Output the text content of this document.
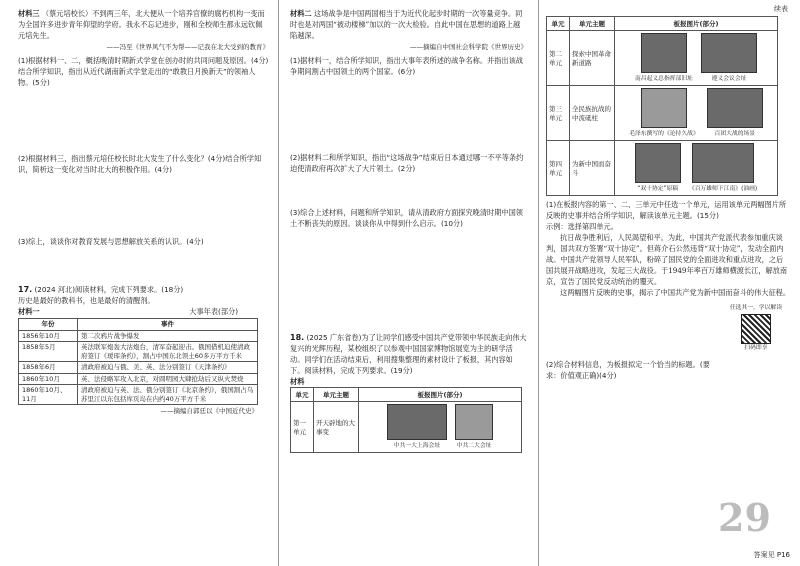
材料三 （蔡元培校长）不到两三年，北大便从一个培养官僚的腐朽机构一变而为全国许多进步青年仰望的学府。我永不忘记进步，刚和全校师生都永远钦佩元培先生。

——冯至《世界风气不为帮——记我在北大受到的教育》

(1)根据材料一、二，概括晚清时期新式学堂在创办时的共同问题及原因。(4分)结合所学知识，指出从近代湖南新式学堂走出的“敢教日月换新天”的领袖人物。(5分)

(2)根据材料三，指出蔡元培任校长时北大发生了什么变化？(4分)结合所学知识，简析这一变化对当时北大的积极作用。(4分)

(3)综上，谈谈你对教育发展与思想解放关系的认识。(4分)

17. (2024 河北)阅读材料，完成下列要求。(18分)

历史是最好的教科书，也是最好的清醒剂。

材料一	大事年表(部分)

年份	事件
1856年10月	第二次鸦片战争爆发
1858年5月	英法联军炮轰大沽炮台，清军奋起迎击。俄国借机迫使清政府签订《瑷珲条约》，割占中国东北领土60多万平方千米
1858年6月	清政府被迫与俄、美、英、法分别签订《天津条约》
1860年10月	英、法侵略军攻入北京，对圆明园大肆抢劫后又纵火焚烧
1860年10月、11月	清政府被迫与英、法、俄分别签订《北京条约》，俄国割占乌苏里江以东包括库页岛在内约40万平方千米

——摘编自郭廷以《中国近代史》

材料二 这场战争是中国两国相当于为近代化起步时期的一次等量竞争。同时也是对两国“被动楼梯”加以的一次大检验。自此中国在思想的道路上越陷越深。

——摘编自中国社会科学院《世界历史》

(1)据材料一，结合所学知识，指出大事年表所述的战争名称。并指出该战争期间割占中国领土的两个国家。(6分)

(2)据材料二和所学知识，指出“这场战争”结束后日本通过哪一不平等条约迫使清政府再次扩大了大片领土。(2分)

(3)综合上述材料，问题和所学知识，请从清政府方面探究晚清时期中国领土不断丧失的原因。谈谈你从中得到什么启示。(10分)

18. (2025 广东省卷)为了让同学们感受中国共产党带领中华民族走向伟大复兴的光辉历程，某校组织了以参观中国国家博物馆展览为主的研学活动。同学们在活动结束后，利用搜集整理的素材设计了板报，其内容如下。阅读材料，完成下列要求。(19分)

材料

单元	单元主题	板报图片(部分)
第一单元	开天辟地的大事变	中共一大上海会址
中共二大会址
续表
单元	单元主题	板报图片(部分)
第二单元	探索中国革命新道路	南昌起义总指挥部旧址
遵义会议会址

第三单元	全民族抗战的中流砥柱	毛泽东撰写的《论持久战》
百团大战的场景

第四单元	为新中国而奋斗	“双十协定”原稿
《百万雄师下江南》(油画)

(1)在板报内容的第一、二、三单元中任选一个单元，运用该单元两幅图片所反映的史事并结合所学知识，解读该单元主题。(15分)

示例：选择第四单元。

抗日战争胜利后，人民渴望和平。为此，中国共产党派代表参加重庆谈判，国共双方签署“双十协定”。但蒋介石公然违背“双十协定”，发动全面内战。中国共产党领导人民军队，粉碎了国民党的全面进攻和重点进攻，之后国共展开战略进攻，发起三大战役。于1949年率百万雄师横渡长江，解放南京，宣告了国民党反动统治的覆灭。

这两幅图片反映的史事，揭示了中国共产党为新中国而奋斗的伟大征程。

任选其一，学以解读
扫码即享

(2)综合材料信息，为板报拟定一个恰当的标题。(要求：价值观正确)(4分)

29
答案见 P16
